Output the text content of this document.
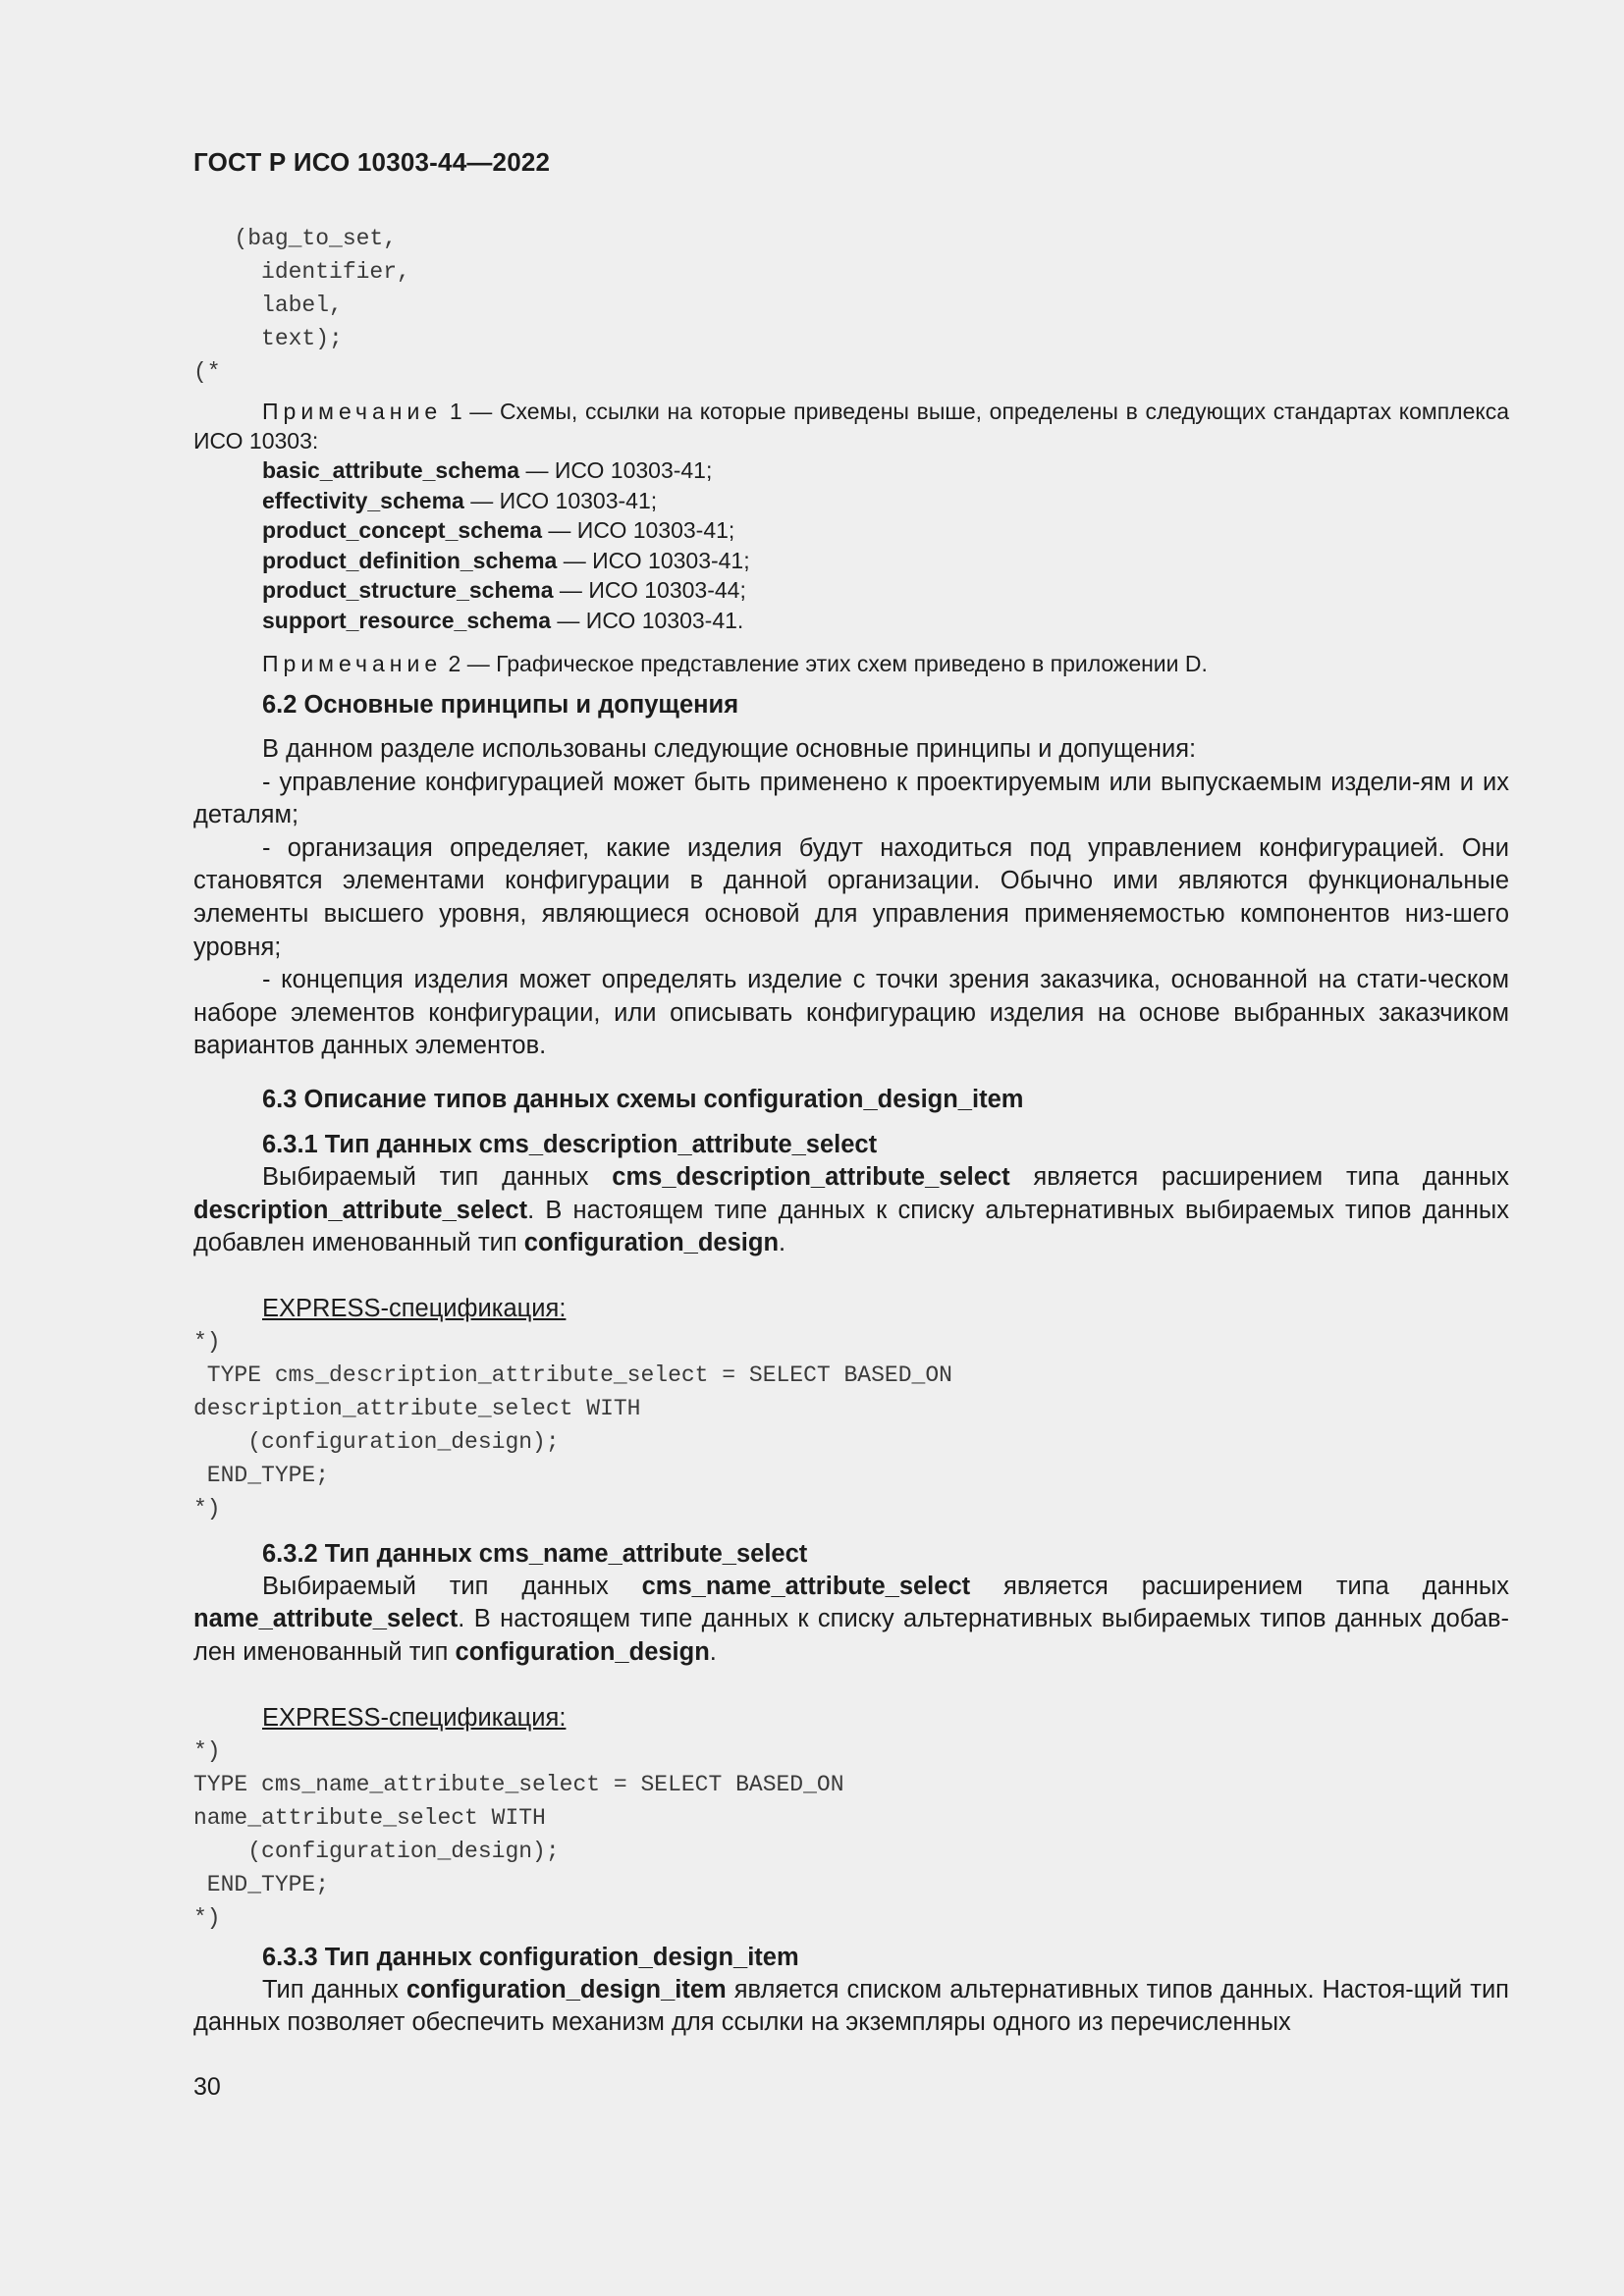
ГОСТ Р ИСО 10303-44—2022
(bag_to_set,
identifier,
label,
text);
(*
Примечание 1 — Схемы, ссылки на которые приведены выше, определены в следующих стандартах комплекса ИСО 10303:
basic_attribute_schema — ИСО 10303-41;
effectivity_schema — ИСО 10303-41;
product_concept_schema — ИСО 10303-41;
product_definition_schema — ИСО 10303-41;
product_structure_schema — ИСО 10303-44;
support_resource_schema — ИСО 10303-41.
Примечание 2 — Графическое представление этих схем приведено в приложении D.
6.2 Основные принципы и допущения
В данном разделе использованы следующие основные принципы и допущения:
- управление конфигурацией может быть применено к проектируемым или выпускаемым издели-ям и их деталям;
- организация определяет, какие изделия будут находиться под управлением конфигурацией. Они становятся элементами конфигурации в данной организации. Обычно ими являются функциональные элементы высшего уровня, являющиеся основой для управления применяемостью компонентов низ-шего уровня;
- концепция изделия может определять изделие с точки зрения заказчика, основанной на стати-ческом наборе элементов конфигурации, или описывать конфигурацию изделия на основе выбранных заказчиком вариантов данных элементов.
6.3 Описание типов данных схемы configuration_design_item
6.3.1 Тип данных cms_description_attribute_select
Выбираемый тип данных cms_description_attribute_select является расширением типа данных description_attribute_select. В настоящем типе данных к списку альтернативных выбираемых типов данных добавлен именованный тип configuration_design.
EXPRESS-спецификация:
*)
TYPE cms_description_attribute_select = SELECT BASED_ON
description_attribute_select WITH
(configuration_design);
END_TYPE;
*)
6.3.2 Тип данных cms_name_attribute_select
Выбираемый тип данных cms_name_attribute_select является расширением типа данных name_attribute_select. В настоящем типе данных к списку альтернативных выбираемых типов данных добав-лен именованный тип configuration_design.
EXPRESS-спецификация:
*)
TYPE cms_name_attribute_select = SELECT BASED_ON
name_attribute_select WITH
(configuration_design);
END_TYPE;
*)
6.3.3 Тип данных configuration_design_item
Тип данных configuration_design_item является списком альтернативных типов данных. Настоя-щий тип данных позволяет обеспечить механизм для ссылки на экземпляры одного из перечисленных
30
